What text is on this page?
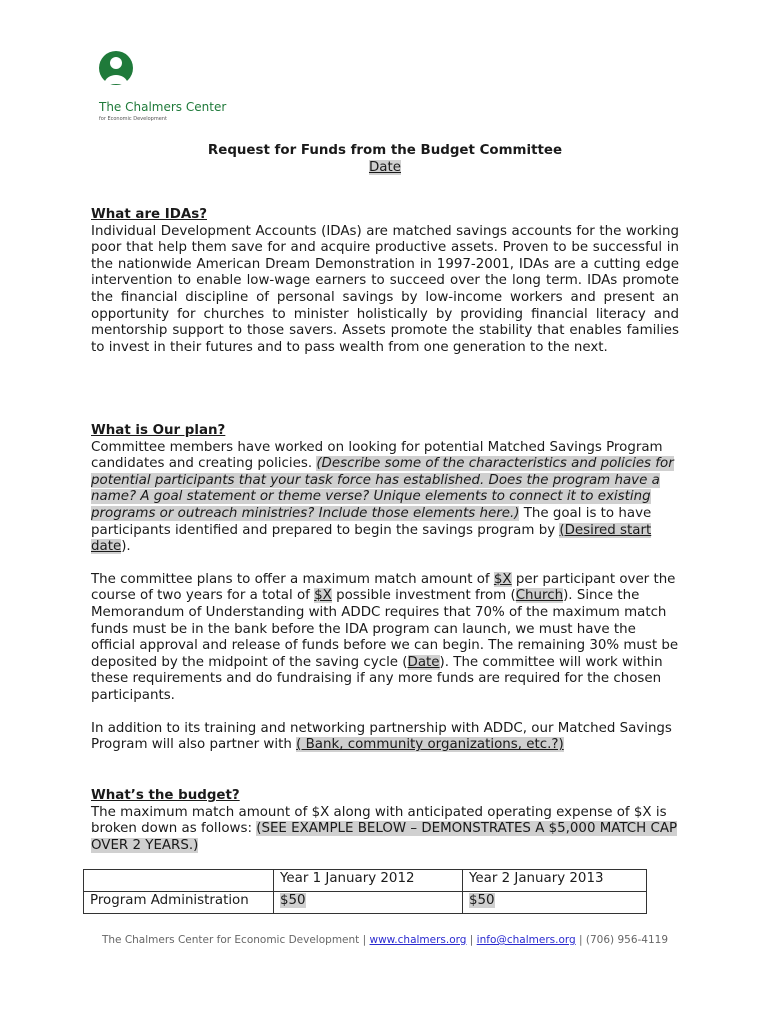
The Chalmers Center
for Economic Development
Request for Funds from the Budget Committee
Date

What are IDAs?

Individual Development Accounts (IDAs) are matched savings accounts for the working poor that help them save for and acquire productive assets. Proven to be successful in the nationwide American Dream Demonstration in 1997-2001, IDAs are a cutting edge intervention to enable low-wage earners to succeed over the long term. IDAs promote the financial discipline of personal savings by low-income workers and present an opportunity for churches to minister holistically by providing financial literacy and mentorship support to those savers. Assets promote the stability that enables families to invest in their futures and to pass wealth from one generation to the next.

What is Our plan?

Committee members have worked on looking for potential Matched Savings Program candidates and creating policies. (Describe some of the characteristics and policies for potential participants that your task force has established. Does the program have a name? A goal statement or theme verse? Unique elements to connect it to existing programs or outreach ministries? Include those elements here.) The goal is to have participants identified and prepared to begin the savings program by (Desired start date).

The committee plans to offer a maximum match amount of $X per participant over the course of two years for a total of $X possible investment from (Church). Since the Memorandum of Understanding with ADDC requires that 70% of the maximum match funds must be in the bank before the IDA program can launch, we must have the official approval and release of funds before we can begin. The remaining 30% must be deposited by the midpoint of the saving cycle (Date). The committee will work within these requirements and do fundraising if any more funds are required for the chosen participants.

In addition to its training and networking partnership with ADDC, our Matched Savings Program will also partner with ( Bank, community organizations, etc.?)

What’s the budget?

The maximum match amount of $X along with anticipated operating expense of $X is broken down as follows: (SEE EXAMPLE BELOW – DEMONSTRATES A $5,000 MATCH CAP OVER 2 YEARS.)

	Year 1 January 2012	Year 2 January 2013
Program Administration	$50	$50
The Chalmers Center for Economic Development | www.chalmers.org | info@chalmers.org | (706) 956-4119
